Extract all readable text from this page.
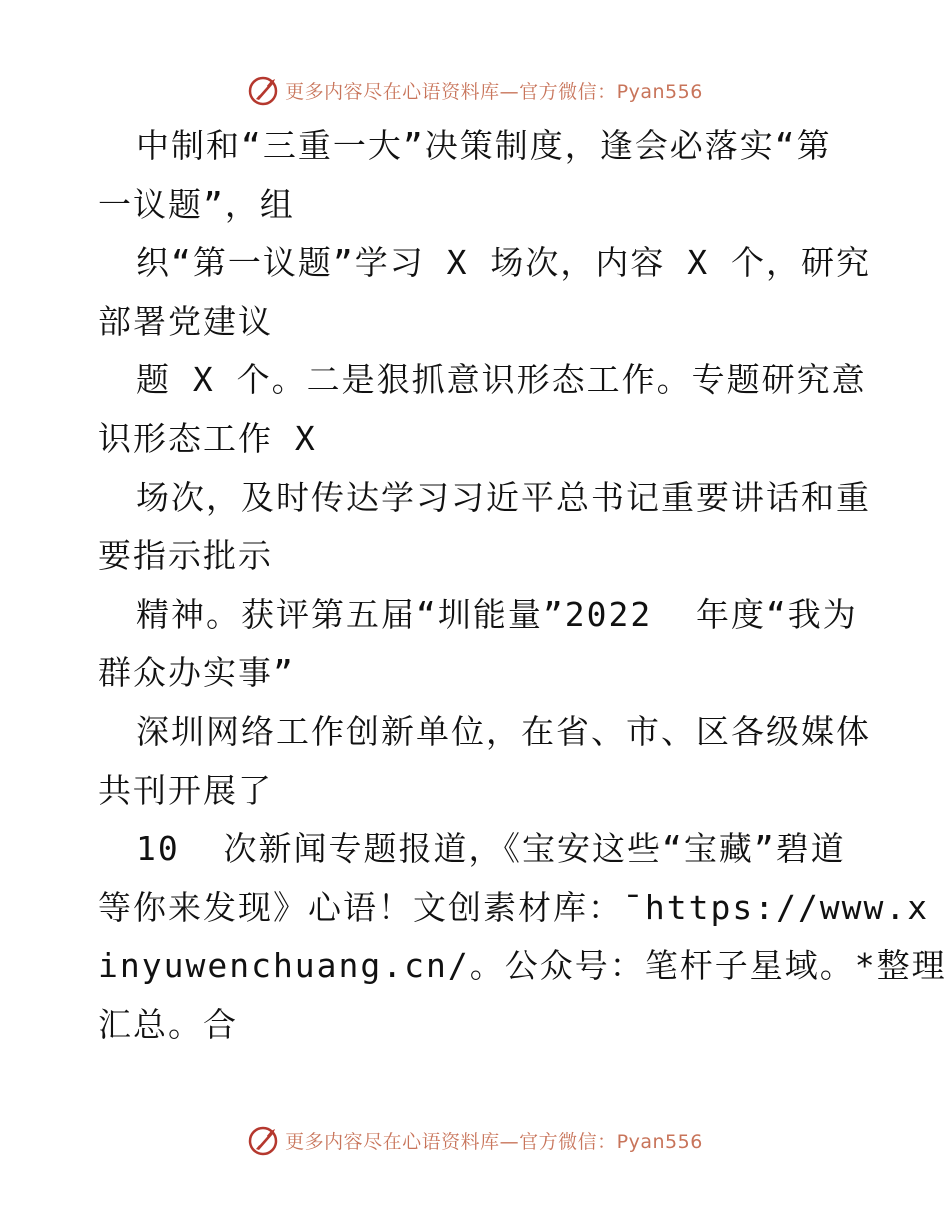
更多内容尽在心语资料库—官方微信：Pyan556
中制和“三重一大”决策制度，逢会必落实“第
一议题”，组
织“第一议题”学习 X 场次，内容 X 个，研究
部署党建议
题 X 个。二是狠抓意识形态工作。专题研究意
识形态工作 X
场次，及时传达学习习近平总书记重要讲话和重
要指示批示
精神。获评第五届“圳能量”2022  年度“我为
群众办实事”
深圳网络工作创新单位，在省、市、区各级媒体
共刊开展了
10  次新闻专题报道，《宝安这些“宝藏”碧道
等你来发现》心语！文创素材库：¯https://www.x
inyuwenchuang.cn/。公众号：笔杆子星域。*整理
汇总。合
更多内容尽在心语资料库—官方微信：Pyan556
